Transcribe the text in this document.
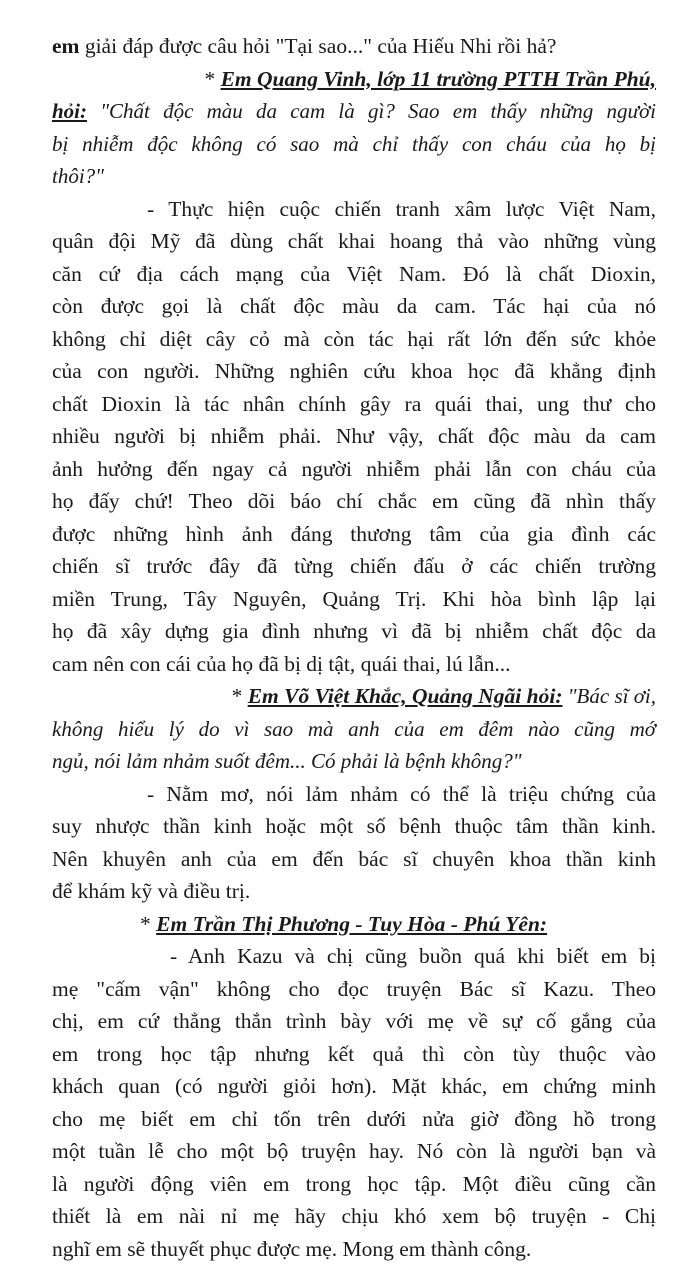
em giải đáp được câu hỏi "Tại sao..." của Hiếu Nhi rồi hả?

* Em Quang Vinh, lớp 11 trường PTTH Trần Phú,

hỏi: "Chất độc màu da cam là gì? Sao em thấy những người
bị nhiễm độc không có sao mà chỉ thấy con cháu của họ bị
thôi?"
- Thực hiện cuộc chiến tranh xâm lược Việt Nam,
quân đội Mỹ đã dùng chất khai hoang thả vào những vùng
căn cứ địa cách mạng của Việt Nam. Đó là chất Dioxin,
còn được gọi là chất độc màu da cam. Tác hại của nó
không chỉ diệt cây cỏ mà còn tác hại rất lớn đến sức khỏe
của con người. Những nghiên cứu khoa học đã khẳng định
chất Dioxin là tác nhân chính gây ra quái thai, ung thư cho
nhiều người bị nhiễm phải. Như vậy, chất độc màu da cam
ảnh hưởng đến ngay cả người nhiễm phải lẫn con cháu của
họ đấy chứ! Theo dõi báo chí chắc em cũng đã nhìn thấy
được những hình ảnh đáng thương tâm của gia đình các
chiến sĩ trước đây đã từng chiến đấu ở các chiến trường
miền Trung, Tây Nguyên, Quảng Trị. Khi hòa bình lập lại
họ đã xây dựng gia đình nhưng vì đã bị nhiễm chất độc da
cam nên con cái của họ đã bị dị tật, quái thai, lú lẫn...

* Em Võ Việt Khắc, Quảng Ngãi hỏi: "Bác sĩ ơi,

không hiểu lý do vì sao mà anh của em đêm nào cũng mớ
ngủ, nói lảm nhảm suốt đêm... Có phải là bệnh không?"
- Nằm mơ, nói lảm nhảm có thể là triệu chứng của
suy nhược thần kinh hoặc một số bệnh thuộc tâm thần kinh.
Nên khuyên anh của em đến bác sĩ chuyên khoa thần kinh
để khám kỹ và điều trị.

* Em Trần Thị Phương - Tuy Hòa - Phú Yên:

- Anh Kazu và chị cũng buồn quá khi biết em bị
mẹ "cấm vận" không cho đọc truyện Bác sĩ Kazu. Theo
chị, em cứ thẳng thắn trình bày với mẹ về sự cố gắng của
em trong học tập nhưng kết quả thì còn tùy thuộc vào
khách quan (có người giỏi hơn). Mặt khác, em chứng minh
cho mẹ biết em chỉ tốn trên dưới nửa giờ đồng hồ trong
một tuần lễ cho một bộ truyện hay. Nó còn là người bạn và
là người động viên em trong học tập. Một điều cũng cần
thiết là em nài nỉ mẹ hãy chịu khó xem bộ truyện - Chị
nghĩ em sẽ thuyết phục được mẹ. Mong em thành công.
